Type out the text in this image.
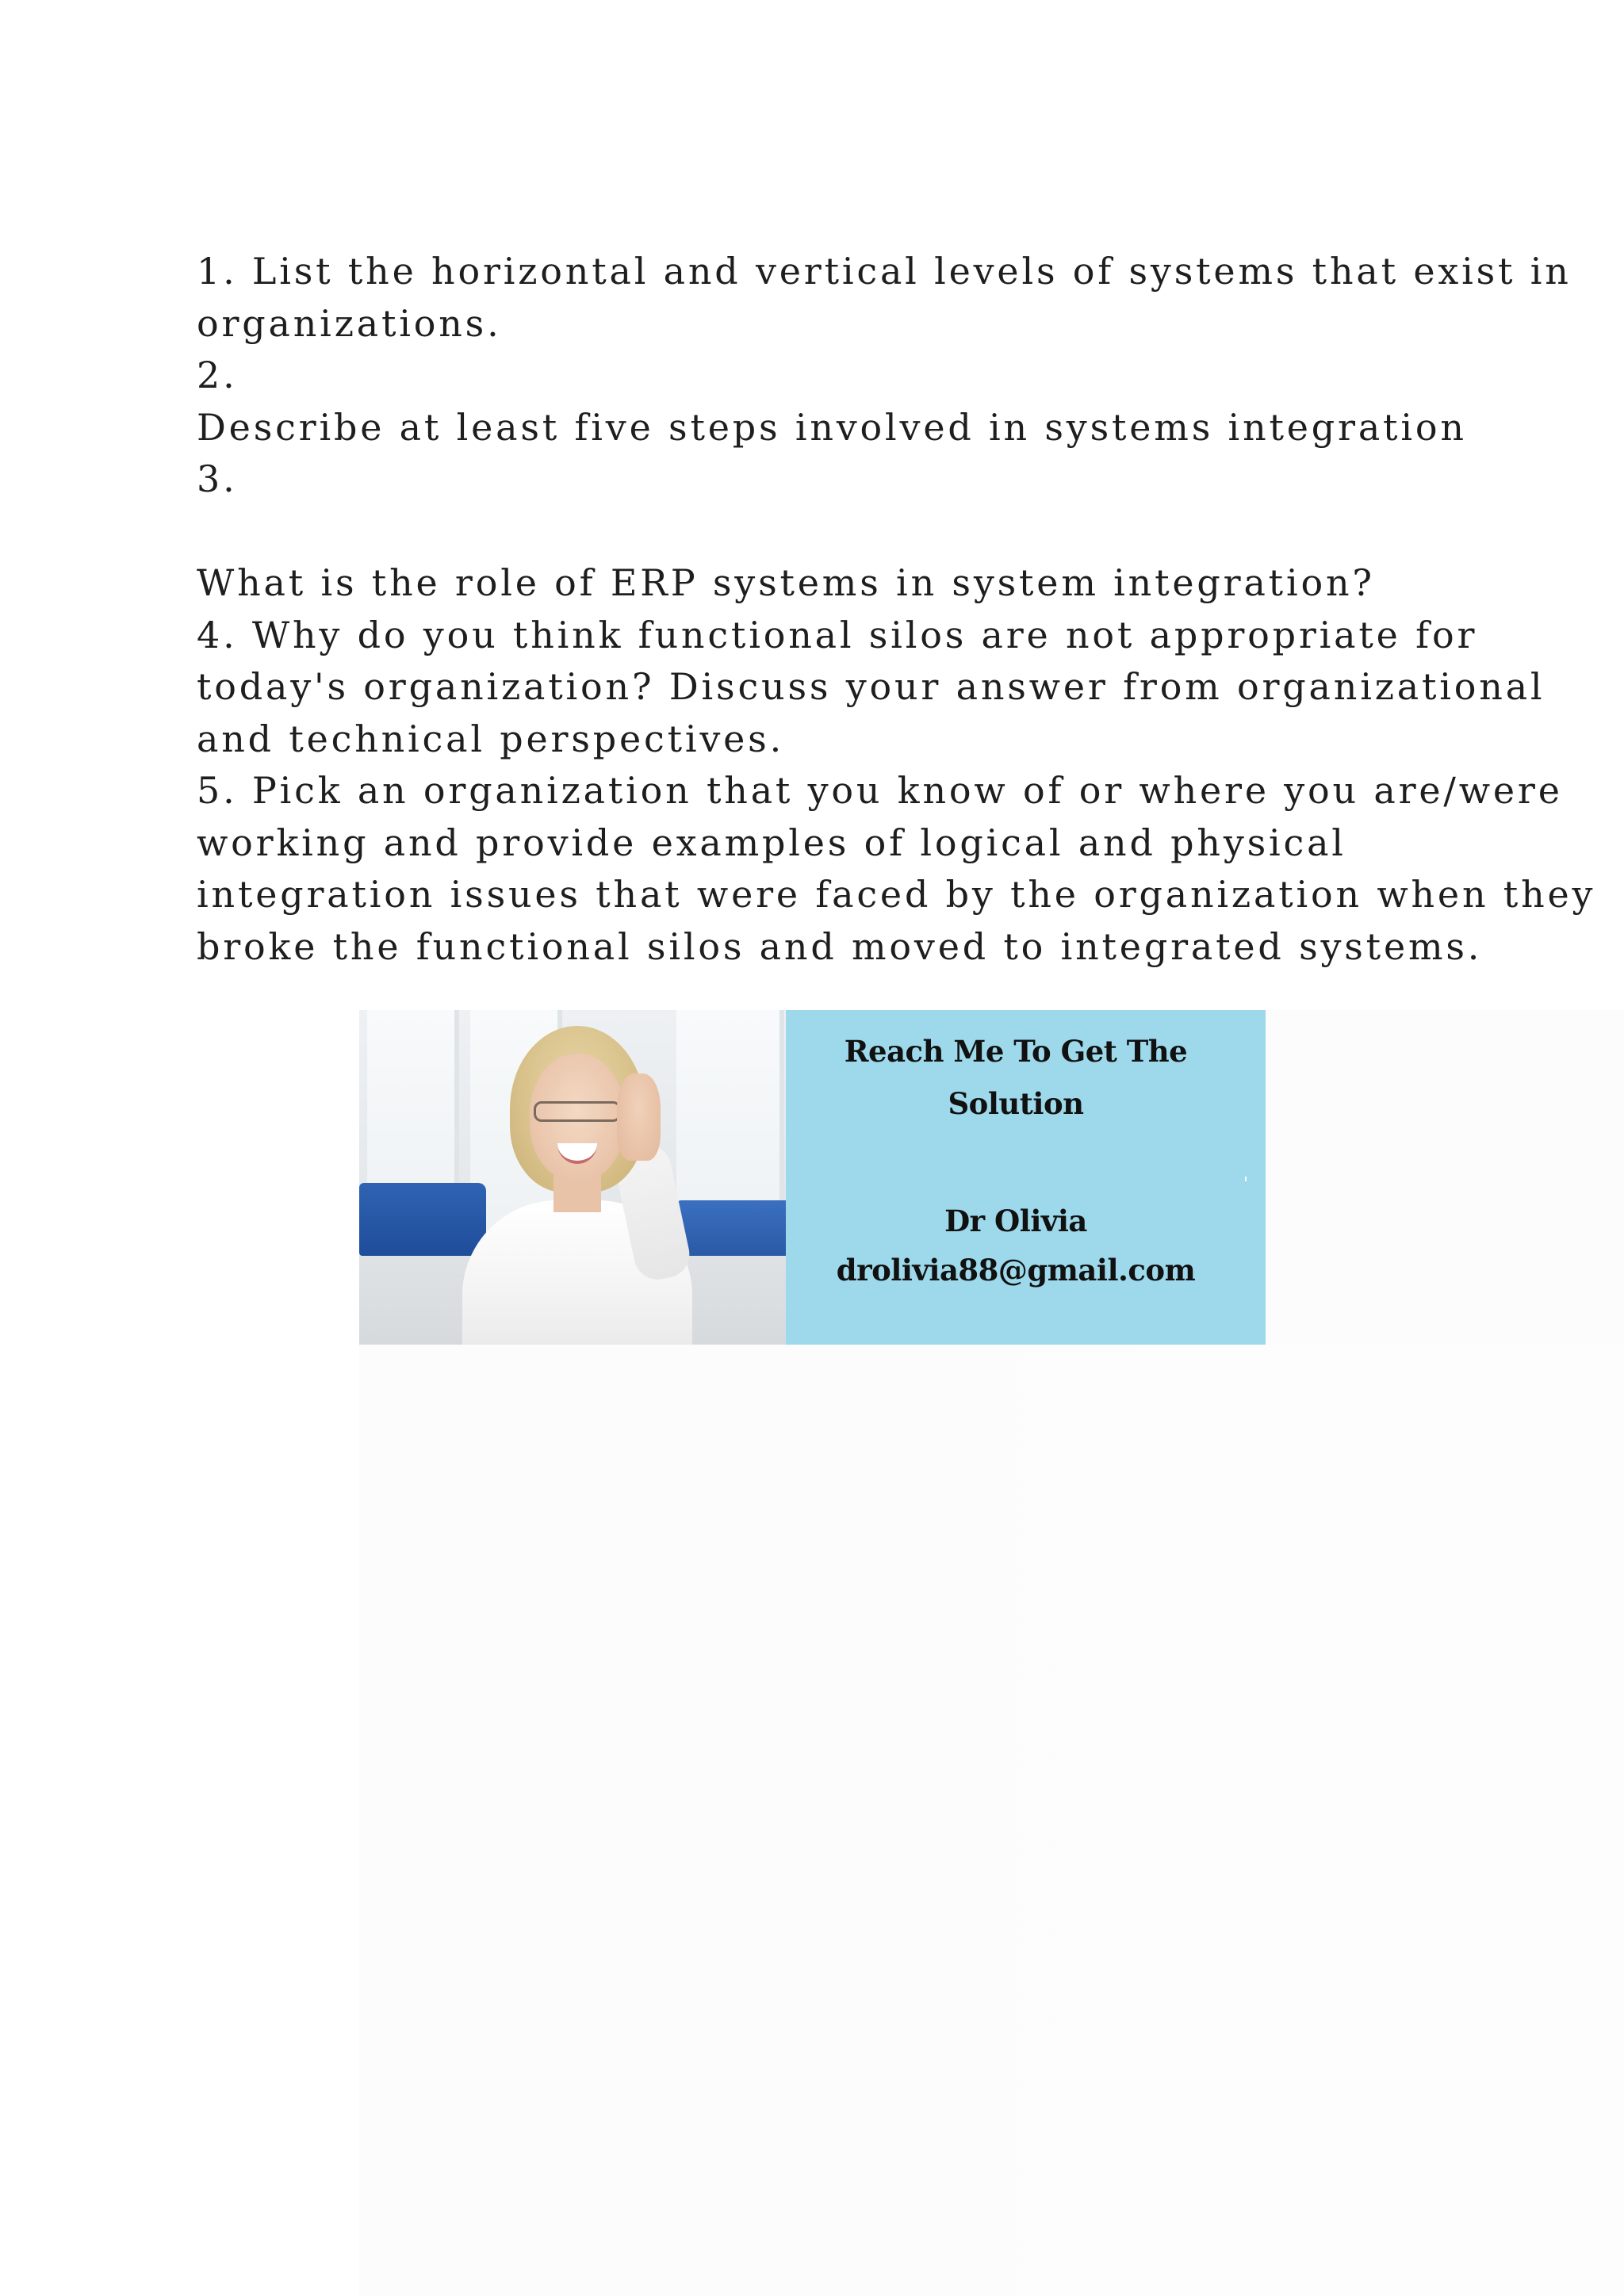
1. List the horizontal and vertical levels of systems that exist in
organizations.
2.
Describe at least five steps involved in systems integration
3.
What is the role of ERP systems in system integration?
4. Why do you think functional silos are not appropriate for
today's organization? Discuss your answer from organizational
and technical perspectives.
5. Pick an organization that you know of or where you are/were
working and provide examples of logical and physical
integration issues that were faced by the organization when they
broke the functional silos and moved to integrated systems.
Reach Me To Get The
Solution
Dr Olivia
drolivia88@gmail.com
